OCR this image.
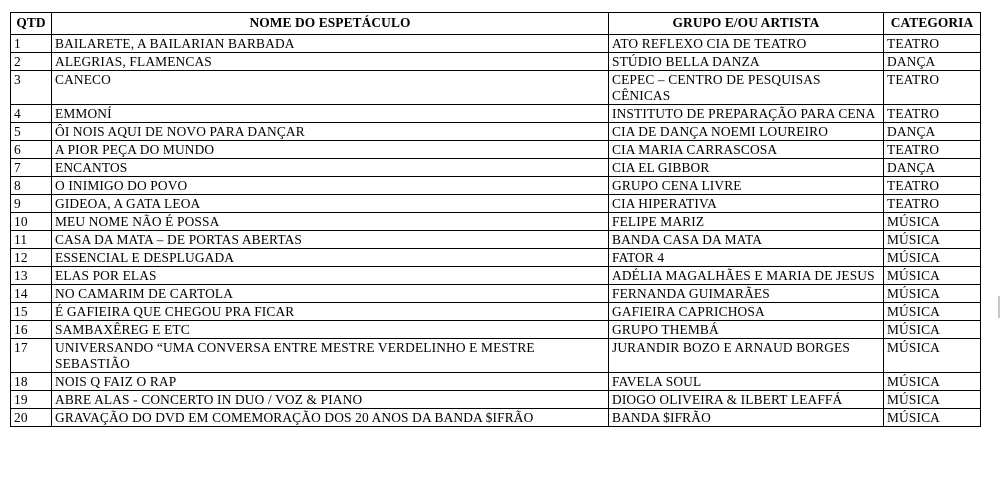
QTD	NOME DO ESPETÁCULO	GRUPO E/OU ARTISTA	CATEGORIA
1	BAILARETE, A BAILARIAN BARBADA	ATO REFLEXO CIA DE TEATRO	TEATRO
2	ALEGRIAS, FLAMENCAS	STÚDIO BELLA DANZA	DANÇA
3	CANECO	CEPEC – CENTRO DE PESQUISAS CÊNICAS	TEATRO
4	EMMONÍ	INSTITUTO DE PREPARAÇÃO PARA CENA	TEATRO
5	ÔI NOIS AQUI DE NOVO PARA DANÇAR	CIA DE DANÇA NOEMI LOUREIRO	DANÇA
6	A PIOR PEÇA DO MUNDO	CIA MARIA CARRASCOSA	TEATRO
7	ENCANTOS	CIA EL GIBBOR	DANÇA
8	O INIMIGO DO POVO	GRUPO CENA LIVRE	TEATRO
9	GIDEOA, A GATA LEOA	CIA HIPERATIVA	TEATRO
10	MEU NOME NÃO É POSSA	FELIPE MARIZ	MÚSICA
11	CASA DA MATA – DE PORTAS ABERTAS	BANDA CASA DA MATA	MÚSICA
12	ESSENCIAL E DESPLUGADA	FATOR 4	MÚSICA
13	ELAS POR ELAS	ADÉLIA MAGALHÃES E MARIA DE JESUS	MÚSICA
14	NO CAMARIM DE CARTOLA	FERNANDA GUIMARÃES	MÚSICA
15	É GAFIEIRA QUE CHEGOU PRA FICAR	GAFIEIRA CAPRICHOSA	MÚSICA
16	SAMBAXÊREG E ETC	GRUPO THEMBÁ	MÚSICA
17	UNIVERSANDO “UMA CONVERSA ENTRE MESTRE VERDELINHO E MESTRE SEBASTIÃO	JURANDIR BOZO E ARNAUD BORGES	MÚSICA
18	NOIS Q FAIZ O RAP	FAVELA SOUL	MÚSICA
19	ABRE ALAS - CONCERTO IN DUO / VOZ & PIANO	DIOGO OLIVEIRA & ILBERT LEAFFÁ	MÚSICA
20	GRAVAÇÃO DO DVD EM COMEMORAÇÃO DOS 20 ANOS DA BANDA $IFRÃO	BANDA $IFRÃO	MÚSICA
